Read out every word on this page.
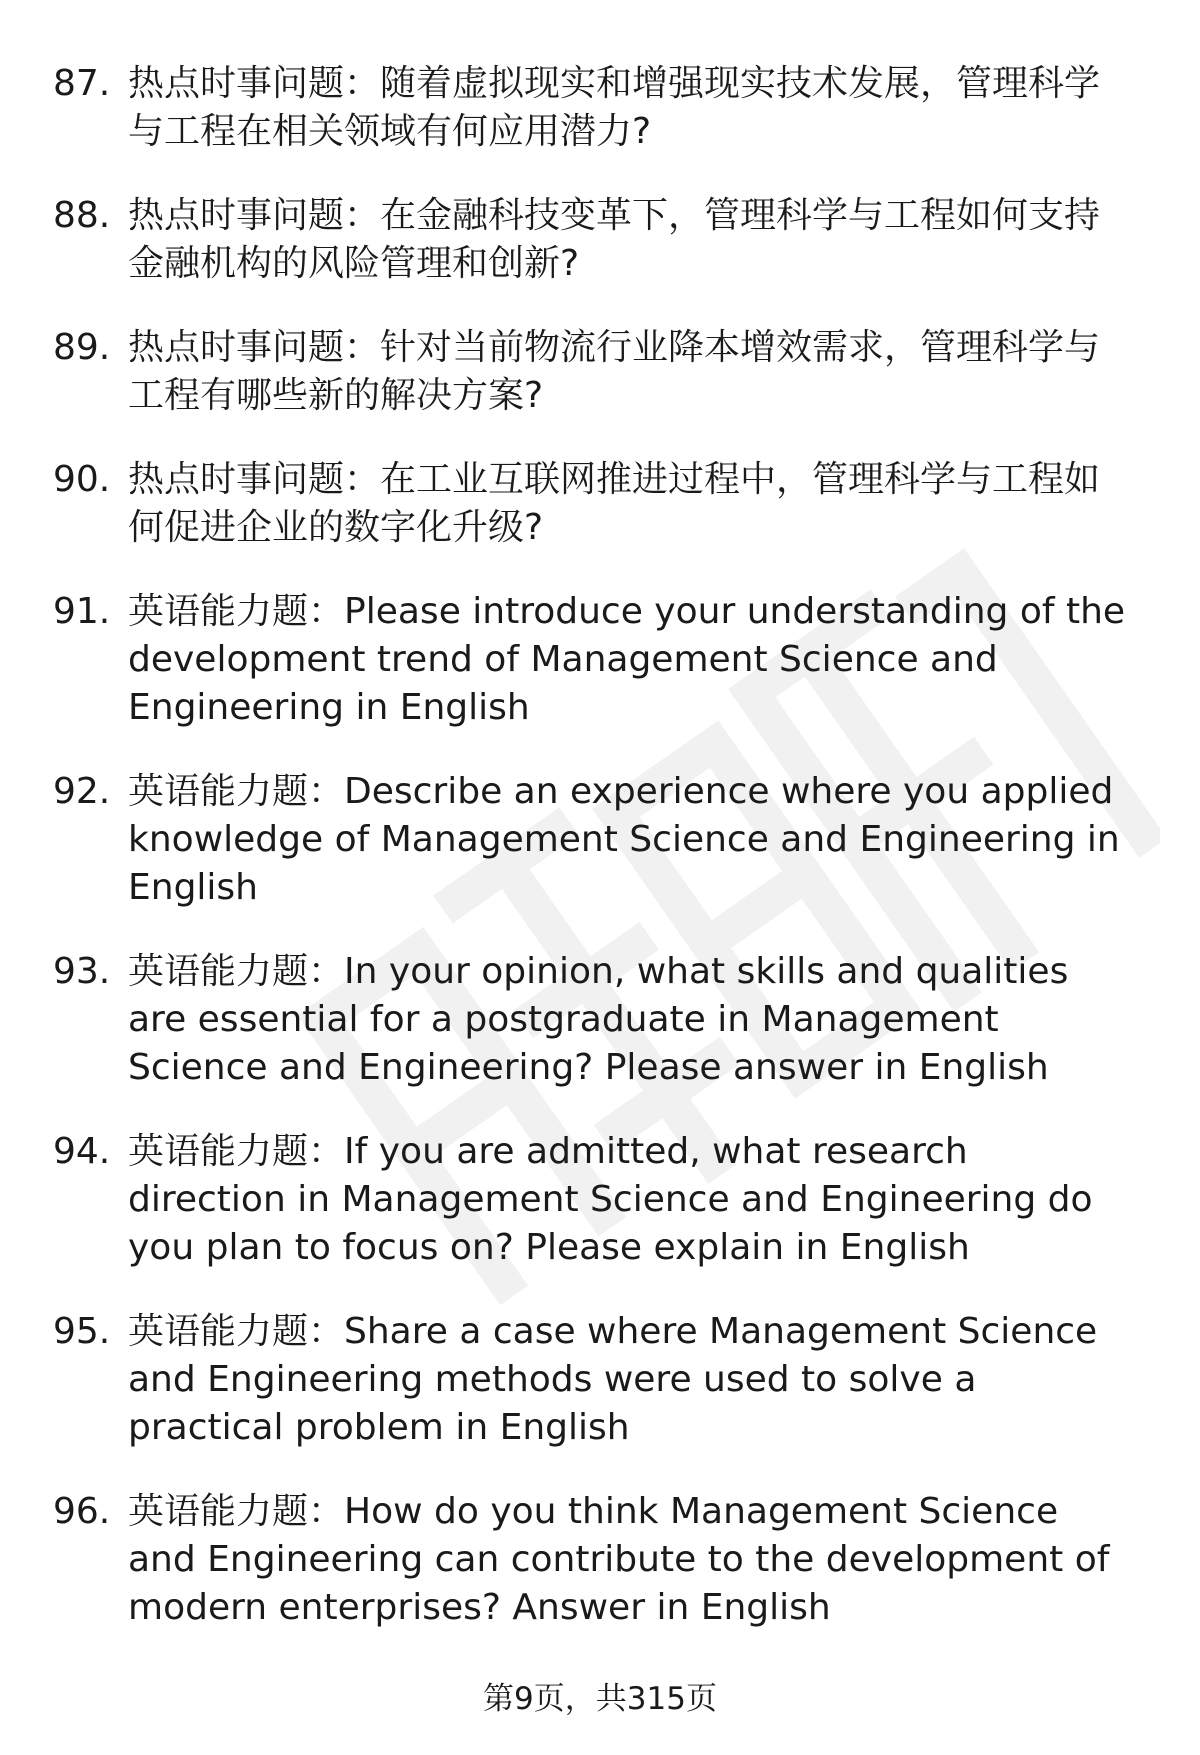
87. 热点时事问题：随着虚拟现实和增强现实技术发展，管理科学与工程在相关领域有何应用潜力?
88. 热点时事问题：在金融科技变革下，管理科学与工程如何支持金融机构的风险管理和创新?
89. 热点时事问题：针对当前物流行业降本增效需求，管理科学与工程有哪些新的解决方案?
90. 热点时事问题：在工业互联网推进过程中，管理科学与工程如何促进企业的数字化升级?
91. 英语能力题：Please introduce your understanding of the development trend of Management Science and Engineering in English
92. 英语能力题：Describe an experience where you applied knowledge of Management Science and Engineering in English
93. 英语能力题：In your opinion, what skills and qualities are essential for a postgraduate in Management Science and Engineering? Please answer in English
94. 英语能力题：If you are admitted, what research direction in Management Science and Engineering do you plan to focus on? Please explain in English
95. 英语能力题：Share a case where Management Science and Engineering methods were used to solve a practical problem in English
96. 英语能力题：How do you think Management Science and Engineering can contribute to the development of modern enterprises? Answer in English
第9页，共315页
